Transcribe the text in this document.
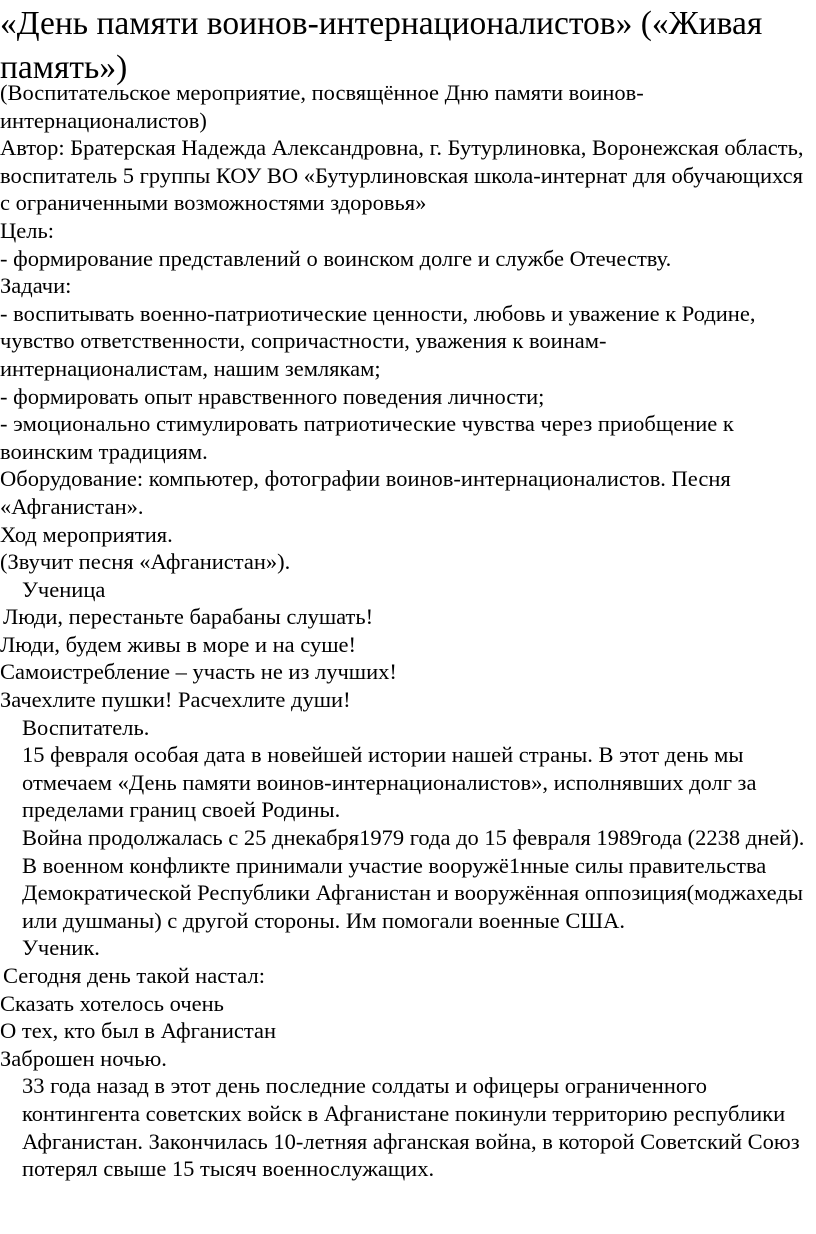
«День памяти воинов-интернационалистов» («Живая память»)

(Воспитательское мероприятие, посвящённое Дню памяти воинов-интернационалистов)

Автор: Братерская Надежда Александровна, г. Бутурлиновка, Воронежская область, воспитатель 5 группы КОУ ВО «Бутурлиновская школа-интернат для обучающихся с ограниченными возможностями здоровья»

Цель:

- формирование представлений о воинском долге и службе Отечеству.

Задачи:

- воспитывать военно-патриотические ценности, любовь и уважение к Родине, чувство ответственности, сопричастности, уважения к воинам-интернационалистам, нашим землякам;

- формировать опыт нравственного поведения личности;

- эмоционально стимулировать патриотические чувства через приобщение к воинским традициям.

Оборудование: компьютер, фотографии воинов-интернационалистов. Песня «Афганистан».

Ход мероприятия.

(Звучит песня «Афганистан»).

Ученица

Люди, перестаньте барабаны слушать!

Люди, будем живы в море и на суше!

Самоистребление – участь не из лучших!

Зачехлите пушки! Расчехлите души!

Воспитатель.

15 февраля особая дата в новейшей истории нашей страны. В этот день мы отмечаем «День памяти воинов-интернационалистов», исполнявших долг за пределами границ своей Родины.

Война продолжалась с 25 днекабря1979 года до 15 февраля 1989года (2238 дней). В военном конфликте принимали участие вооружё1нные силы правительства Демократической Республики Афганистан и вооружённая оппозиция(моджахеды или душманы) с другой стороны. Им помогали военные США.

Ученик.

Сегодня день такой настал:

Сказать хотелось очень

О тех, кто был в Афганистан

Заброшен ночью.

33 года назад в этот день последние солдаты и офицеры ограниченного контингента советских войск в Афганистане покинули территорию республики Афганистан. Закончилась 10-летняя афганская война, в которой Советский Союз потерял свыше 15 тысяч военнослужащих.
